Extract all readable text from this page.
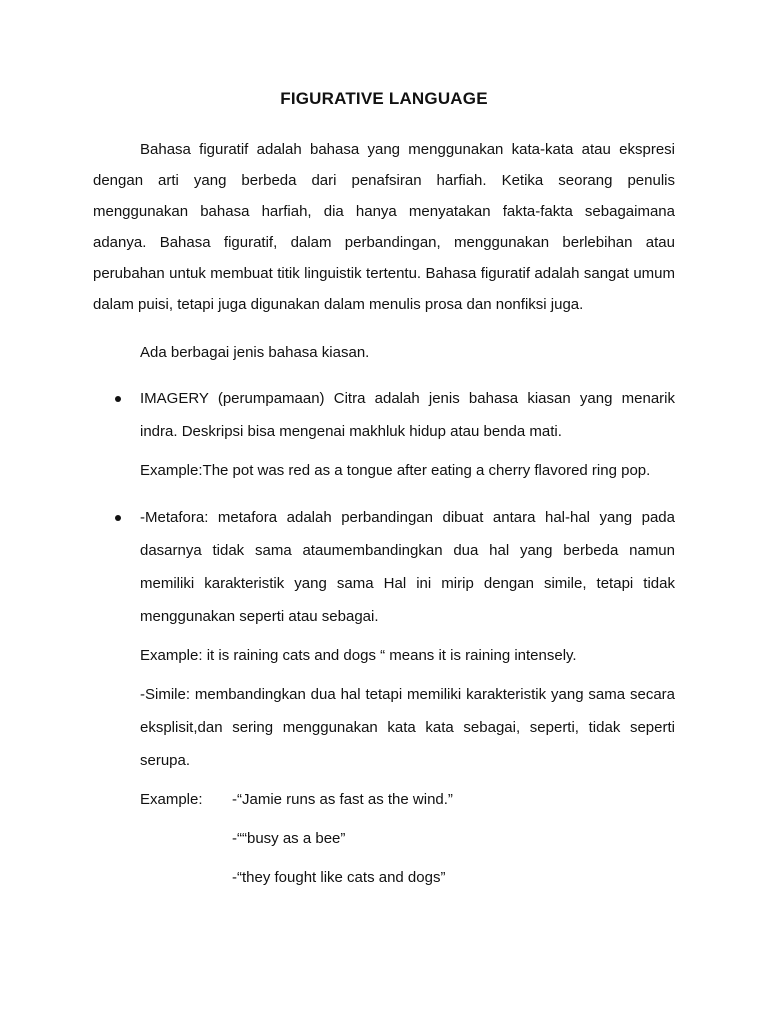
FIGURATIVE LANGUAGE

Bahasa figuratif adalah bahasa yang menggunakan kata-kata atau ekspresi dengan arti yang berbeda dari penafsiran harfiah. Ketika seorang penulis menggunakan bahasa harfiah, dia hanya menyatakan fakta-fakta sebagaimana adanya. Bahasa figuratif, dalam perbandingan, menggunakan berlebihan atau perubahan untuk membuat titik linguistik tertentu. Bahasa figuratif adalah sangat umum dalam puisi, tetapi juga digunakan dalam menulis prosa dan nonfiksi juga.

Ada berbagai jenis bahasa kiasan.

IMAGERY (perumpamaan) Citra adalah jenis bahasa kiasan yang menarik indra. Deskripsi bisa mengenai makhluk hidup atau benda mati.

Example:The pot was red as a tongue after eating a cherry flavored ring pop.

-Metafora: metafora adalah perbandingan dibuat antara hal-hal yang pada dasarnya tidak sama ataumembandingkan dua hal yang berbeda namun memiliki karakteristik yang sama Hal ini mirip dengan simile, tetapi tidak menggunakan seperti atau sebagai.

Example: it is raining cats and dogs “ means it is raining intensely.

-Simile: membandingkan dua hal tetapi memiliki karakteristik yang sama secara eksplisit,dan sering menggunakan kata kata sebagai, seperti, tidak seperti serupa.

Example: -“Jamie runs as fast as the wind.”
-““busy as a bee”
-“they fought like cats and dogs”
